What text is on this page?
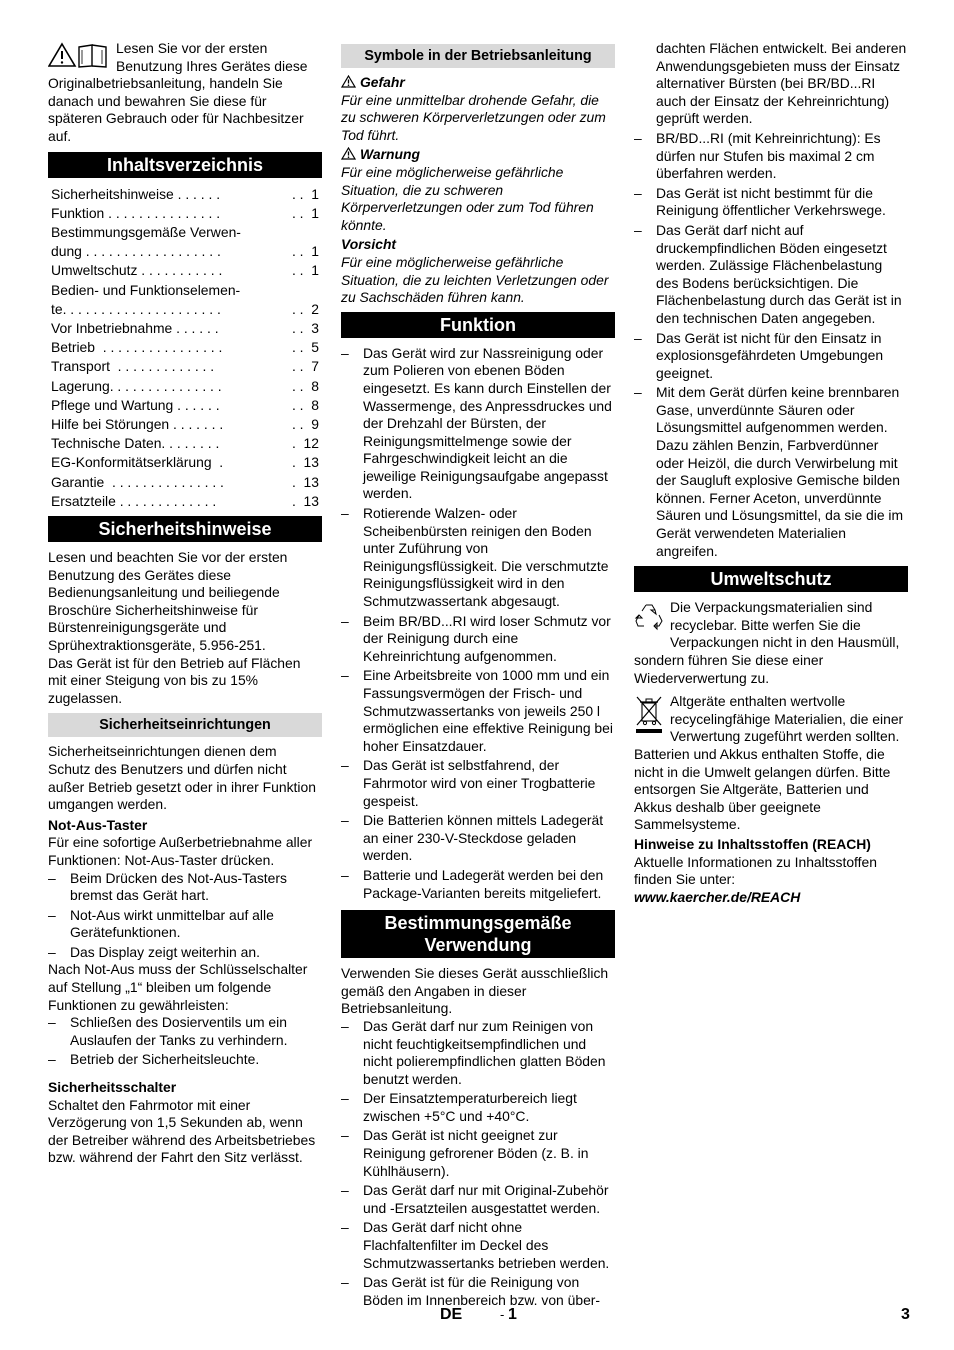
Lesen Sie vor der ersten Benutzung Ihres Gerätes diese Originalbetriebsanleitung, handeln Sie danach und bewahren Sie diese für späteren Gebrauch oder für Nachbesitzer auf.

Inhaltsverzeichnis
Sicherheitshinweise . . . . . .	. .  1
Funktion . . . . . . . . . . . . . . .	. .  1
Bestimmungsgemäße Verwen-
dung . . . . . . . . . . . . . . . . . .	. .  1
Umweltschutz . . . . . . . . . . .	. .  1
Bedien- und Funktionselemen-
te. . . . . . . . . . . . . . . . . . . . .	. .  2
Vor Inbetriebnahme . . . . . .	. .  3
Betrieb  . . . . . . . . . . . . . . . .	. .  5
Transport  . . . . . . . . . . . . .	. .  7
Lagerung. . . . . . . . . . . . . . .	. .  8
Pflege und Wartung . . . . . .	. .  8
Hilfe bei Störungen . . . . . . .	. .  9
Technische Daten. . . . . . . .	.  12
EG-Konformitätserklärung  .	.  13
Garantie  . . . . . . . . . . . . . . .	.  13
Ersatzteile . . . . . . . . . . . . .	.  13
Sicherheitshinweise

Lesen und beachten Sie vor der ersten Benutzung des Gerätes diese Bedienungsanleitung und beiliegende Broschüre Sicherheitshinweise für Bürstenreinigungsgeräte und Sprühextraktionsgeräte, 5.956-251.

Das Gerät ist für den Betrieb auf Flächen mit einer Steigung von bis zu 15% zugelassen.

Sicherheitseinrichtungen

Sicherheitseinrichtungen dienen dem Schutz des Benutzers und dürfen nicht außer Betrieb gesetzt oder in ihrer Funktion umgangen werden.

Not-Aus-Taster

Für eine sofortige Außerbetriebnahme aller Funktionen: Not-Aus-Taster drücken.

– Beim Drücken des Not-Aus-Tasters bremst das Gerät hart.
– Not-Aus wirkt unmittelbar auf alle Gerätefunktionen.
– Das Display zeigt weiterhin an.

Nach Not-Aus muss der Schlüsselschalter auf Stellung „1“ bleiben um folgende Funktionen zu gewährleisten:

– Schließen des Dosierventils um ein Auslaufen der Tanks zu verhindern.
– Betrieb der Sicherheitsleuchte.

Sicherheitsschalter

Schaltet den Fahrmotor mit einer Verzögerung von 1,5 Sekunden ab, wenn der Betreiber während des Arbeitsbetriebes bzw. während der Fahrt den Sitz verlässt.

Symbole in der Betriebsanleitung

Gefahr

Für eine unmittelbar drohende Gefahr, die zu schweren Körperverletzungen oder zum Tod führt.

Warnung

Für eine möglicherweise gefährliche Situation, die zu schweren Körperverletzungen oder zum Tod führen könnte.

Vorsicht

Für eine möglicherweise gefährliche Situation, die zu leichten Verletzungen oder zu Sachschäden führen kann.

Funktion
– Das Gerät wird zur Nassreinigung oder zum Polieren von ebenen Böden eingesetzt. Es kann durch Einstellen der Wassermenge, des Anpressdruckes und der Drehzahl der Bürsten, der Reinigungsmittelmenge sowie der Fahrgeschwindigkeit leicht an die jeweilige Reinigungsaufgabe angepasst werden.
– Rotierende Walzen- oder Scheibenbürsten reinigen den Boden unter Zuführung von Reinigungsflüssigkeit. Die verschmutzte Reinigungsflüssigkeit wird in den Schmutzwassertank abgesaugt.
– Beim BR/BD...RI wird loser Schmutz vor der Reinigung durch eine Kehreinrichtung aufgenommen.
– Eine Arbeitsbreite von 1000 mm und ein Fassungsvermögen der Frisch- und Schmutzwassertanks von jeweils 250 l ermöglichen eine effektive Reinigung bei hoher Einsatzdauer.
– Das Gerät ist selbstfahrend, der Fahrmotor wird von einer Trogbatterie gespeist.
– Die Batterien können mittels Ladegerät an einer 230-V-Steckdose geladen werden.
– Batterie und Ladegerät werden bei den Package-Varianten bereits mitgeliefert.
Bestimmungsgemäße
Verwendung

Verwenden Sie dieses Gerät ausschließlich gemäß den Angaben in dieser Betriebsanleitung.

– Das Gerät darf nur zum Reinigen von nicht feuchtigkeitsempfindlichen und nicht polierempfindlichen glatten Böden benutzt werden.
– Der Einsatztemperaturbereich liegt zwischen +5°C und +40°C.
– Das Gerät ist nicht geeignet zur Reinigung gefrorener Böden (z. B. in Kühlhäusern).
– Das Gerät darf nur mit Original-Zubehör und -Ersatzteilen ausgestattet werden.
– Das Gerät darf nicht ohne Flachfaltenfilter im Deckel des Schmutzwassertanks betrieben werden.
– Das Gerät ist für die Reinigung von Böden im Innenbereich bzw. von über-

dachten Flächen entwickelt. Bei anderen Anwendungsgebieten muss der Einsatz alternativer Bürsten (bei BR/BD...RI auch der Einsatz der Kehreinrichtung) geprüft werden.

– BR/BD...RI (mit Kehreinrichtung): Es dürfen nur Stufen bis maximal 2 cm überfahren werden.
– Das Gerät ist nicht bestimmt für die Reinigung öffentlicher Verkehrswege.
– Das Gerät darf nicht auf druckempfindlichen Böden eingesetzt werden. Zulässige Flächenbelastung des Bodens berücksichtigen. Die Flächenbelastung durch das Gerät ist in den technischen Daten angegeben.
– Das Gerät ist nicht für den Einsatz in explosionsgefährdeten Umgebungen geeignet.
– Mit dem Gerät dürfen keine brennbaren Gase, unverdünnte Säuren oder Lösungsmittel aufgenommen werden. Dazu zählen Benzin, Farbverdünner oder Heizöl, die durch Verwirbelung mit der Saugluft explosive Gemische bilden können. Ferner Aceton, unverdünnte Säuren und Lösungsmittel, da sie die im Gerät verwendeten Materialien angreifen.
Umweltschutz

Die Verpackungsmaterialien sind recyclebar. Bitte werfen Sie die Verpackungen nicht in den Hausmüll, sondern führen Sie diese einer Wiederverwertung zu.

Altgeräte enthalten wertvolle recycelingfähige Materialien, die einer Verwertung zugeführt werden sollten. Batterien und Akkus enthalten Stoffe, die nicht in die Umwelt gelangen dürfen. Bitte entsorgen Sie Altgeräte, Batterien und Akkus deshalb über geeignete Sammelsysteme.

Hinweise zu Inhaltsstoffen (REACH)

Aktuelle Informationen zu Inhaltsstoffen finden Sie unter:

www.kaercher.de/REACH

DE	- 1	3
